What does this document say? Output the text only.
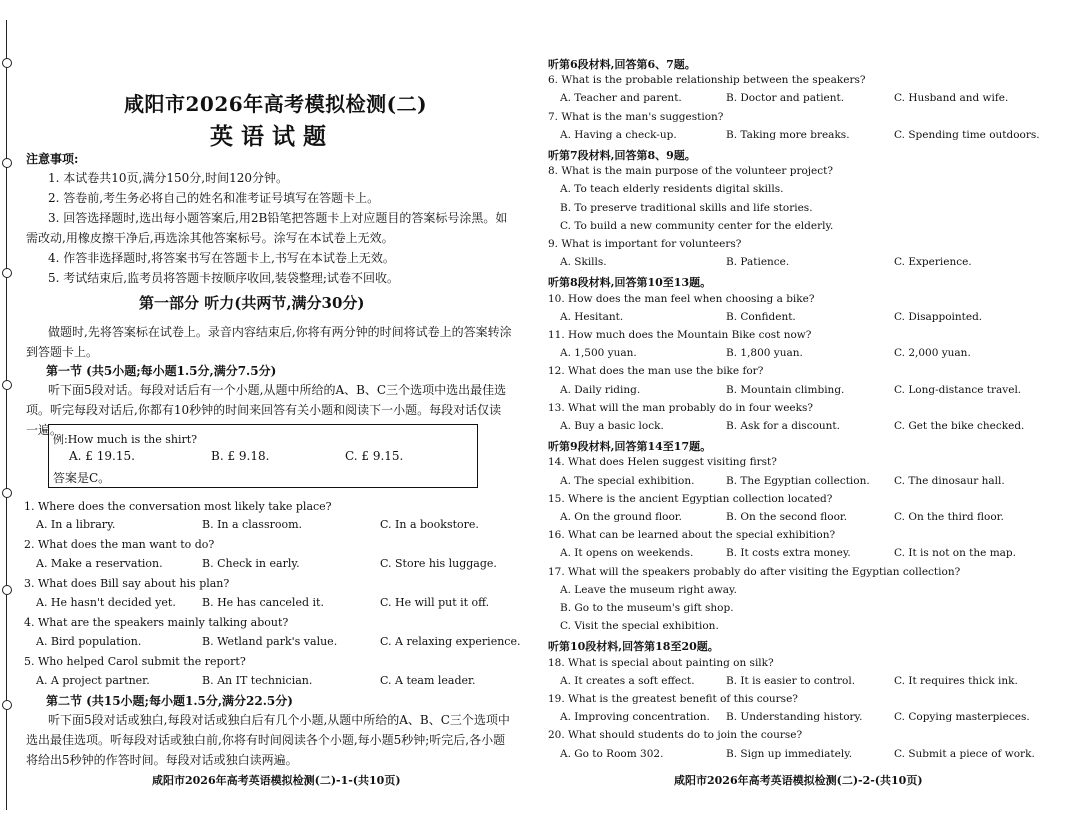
咸阳市2026年高考模拟检测(二)
英语试题
注意事项:

1. 本试卷共10页,满分150分,时间120分钟。

2. 答卷前,考生务必将自己的姓名和准考证号填写在答题卡上。

3. 回答选择题时,选出每小题答案后,用2B铅笔把答题卡上对应题目的答案标号涂黑。如需改动,用橡皮擦干净后,再选涂其他答案标号。涂写在本试卷上无效。

4. 作答非选择题时,将答案书写在答题卡上,书写在本试卷上无效。

5. 考试结束后,监考员将答题卡按顺序收回,装袋整理;试卷不回收。

第一部分 听力(共两节,满分30分)

做题时,先将答案标在试卷上。录音内容结束后,你将有两分钟的时间将试卷上的答案转涂到答题卡上。

第一节 (共5小题;每小题1.5分,满分7.5分)

听下面5段对话。每段对话后有一个小题,从题中所给的A、B、C三个选项中选出最佳选项。听完每段对话后,你都有10秒钟的时间来回答有关小题和阅读下一小题。每段对话仅读一遍。

例:How much is the shirt?
A. £ 19.15.	B. £ 9.18.	C. £ 9.15.
答案是C。
1. Where does the conversation most likely take place?
A. In a library.	B. In a classroom.	C. In a bookstore.
2. What does the man want to do?
A. Make a reservation.	B. Check in early.	C. Store his luggage.
3. What does Bill say about his plan?
A. He hasn't decided yet. B. He has canceled it.	C. He will put it off.
4. What are the speakers mainly talking about?
A. Bird population.	B. Wetland park's value.	C. A relaxing experience.
5. Who helped Carol submit the report?
A. A project partner.	B. An IT technician.	C. A team leader.
第二节 (共15小题;每小题1.5分,满分22.5分)

听下面5段对话或独白,每段对话或独白后有几个小题,从题中所给的A、B、C三个选项中选出最佳选项。听每段对话或独白前,你将有时间阅读各个小题,每小题5秒钟;听完后,各小题将给出5秒钟的作答时间。每段对话或独白读两遍。

咸阳市2026年高考英语模拟检测(二)-1-(共10页)	咸阳市2026年高考英语模拟检测(二)-2-(共10页)
听第6段材料,回答第6、7题。
6. What is the probable relationship between the speakers?
A. Teacher and parent.	B. Doctor and patient.	C. Husband and wife.
7. What is the man's suggestion?
A. Having a check-up.	B. Taking more breaks.	C. Spending time outdoors.
听第7段材料,回答第8、9题。
8. What is the main purpose of the volunteer project?
A. To teach elderly residents digital skills.
B. To preserve traditional skills and life stories.
C. To build a new community center for the elderly.
9. What is important for volunteers?
A. Skills.	B. Patience.	C. Experience.
听第8段材料,回答第10至13题。
10. How does the man feel when choosing a bike?
A. Hesitant.	B. Confident.	C. Disappointed.
11. How much does the Mountain Bike cost now?
A. 1,500 yuan.	B. 1,800 yuan.	C. 2,000 yuan.
12. What does the man use the bike for?
A. Daily riding.	B. Mountain climbing.	C. Long-distance travel.
13. What will the man probably do in four weeks?
A. Buy a basic lock.	B. Ask for a discount.	C. Get the bike checked.
听第9段材料,回答第14至17题。
14. What does Helen suggest visiting first?
A. The special exhibition.	B. The Egyptian collection. C. The dinosaur hall.
15. Where is the ancient Egyptian collection located?
A. On the ground floor.	B. On the second floor.	C. On the third floor.
16. What can be learned about the special exhibition?
A. It opens on weekends.	B. It costs extra money.	C. It is not on the map.
17. What will the speakers probably do after visiting the Egyptian collection?
A. Leave the museum right away.
B. Go to the museum's gift shop.
C. Visit the special exhibition.
听第10段材料,回答第18至20题。
18. What is special about painting on silk?
A. It creates a soft effect.	B. It is easier to control.	C. It requires thick ink.
19. What is the greatest benefit of this course?
A. Improving concentration. B. Understanding history.	C. Copying masterpieces.
20. What should students do to join the course?
A. Go to Room 302.	B. Sign up immediately.	C. Submit a piece of work.
